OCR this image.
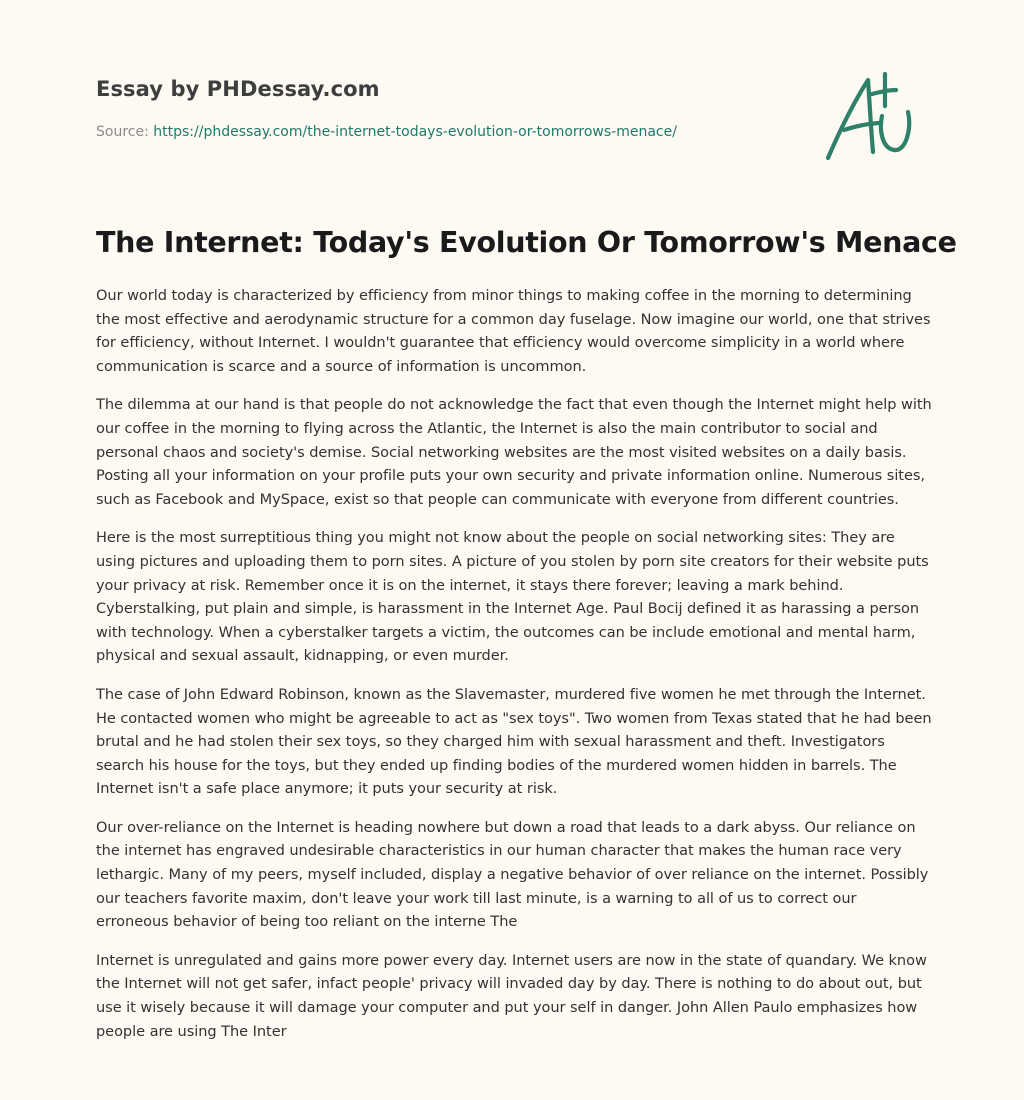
Essay by PHDessay.com
Source: https://phdessay.com/the-internet-todays-evolution-or-tomorrows-menace/
The Internet: Today's Evolution Or Tomorrow's Menace

Our world today is characterized by efficiency from minor things to making coffee in the morning to determining the most effective and aerodynamic structure for a common day fuselage. Now imagine our world, one that strives for efficiency, without Internet. I wouldn't guarantee that efficiency would overcome simplicity in a world where communication is scarce and a source of information is uncommon.

The dilemma at our hand is that people do not acknowledge the fact that even though the Internet might help with our coffee in the morning to flying across the Atlantic, the Internet is also the main contributor to social and personal chaos and society's demise. Social networking websites are the most visited websites on a daily basis. Posting all your information on your profile puts your own security and private information online. Numerous sites, such as Facebook and MySpace, exist so that people can communicate with everyone from different countries.

Here is the most surreptitious thing you might not know about the people on social networking sites: They are using pictures and uploading them to porn sites. A picture of you stolen by porn site creators for their website puts your privacy at risk. Remember once it is on the internet, it stays there forever; leaving a mark behind. Cyberstalking, put plain and simple, is harassment in the Internet Age. Paul Bocij defined it as harassing a person with technology. When a cyberstalker targets a victim, the outcomes can be include emotional and mental harm, physical and sexual assault, kidnapping, or even murder.

The case of John Edward Robinson, known as the Slavemaster, murdered five women he met through the Internet. He contacted women who might be agreeable to act as "sex toys". Two women from Texas stated that he had been brutal and he had stolen their sex toys, so they charged him with sexual harassment and theft. Investigators search his house for the toys, but they ended up finding bodies of the murdered women hidden in barrels. The Internet isn't a safe place anymore; it puts your security at risk.

Our over-reliance on the Internet is heading nowhere but down a road that leads to a dark abyss. Our reliance on the internet has engraved undesirable characteristics in our human character that makes the human race very lethargic. Many of my peers, myself included, display a negative behavior of over reliance on the internet. Possibly our teachers favorite maxim, don't leave your work till last minute, is a warning to all of us to correct our erroneous behavior of being too reliant on the interne The

Internet is unregulated and gains more power every day. Internet users are now in the state of quandary. We know the Internet will not get safer, infact people' privacy will invaded day by day. There is nothing to do about out, but use it wisely because it will damage your computer and put your self in danger. John Allen Paulo emphasizes how people are using The Inter
